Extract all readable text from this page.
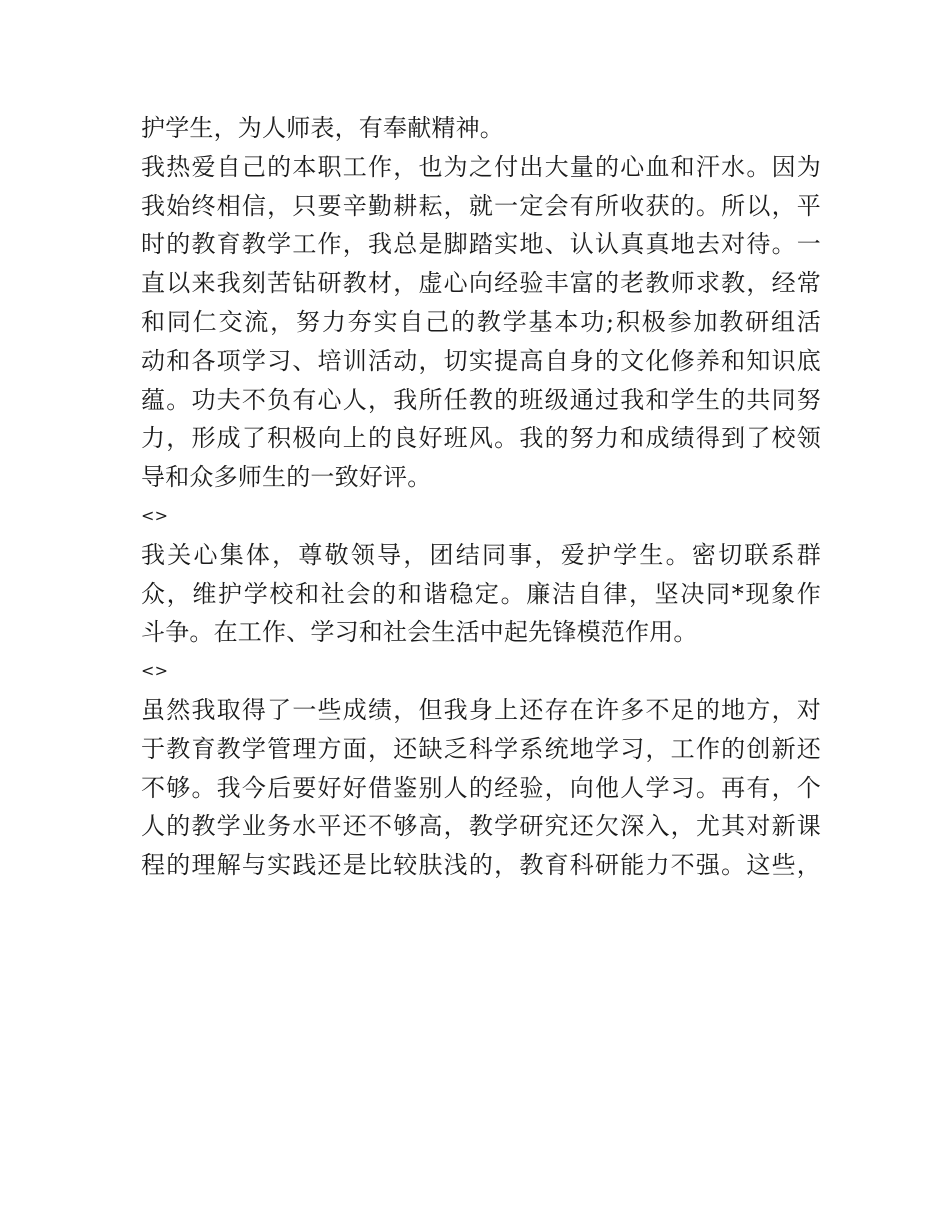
护学生，为人师表，有奉献精神。
我热爱自己的本职工作，也为之付出大量的心血和汗水。因为
我始终相信，只要辛勤耕耘，就一定会有所收获的。所以，平
时的教育教学工作，我总是脚踏实地、认认真真地去对待。一
直以来我刻苦钻研教材，虚心向经验丰富的老教师求教，经常
和同仁交流，努力夯实自己的教学基本功;积极参加教研组活
动和各项学习、培训活动，切实提高自身的文化修养和知识底
蕴。功夫不负有心人，我所任教的班级通过我和学生的共同努
力，形成了积极向上的良好班风。我的努力和成绩得到了校领
导和众多师生的一致好评。
<>
我关心集体，尊敬领导，团结同事，爱护学生。密切联系群
众，维护学校和社会的和谐稳定。廉洁自律，坚决同*现象作
斗争。在工作、学习和社会生活中起先锋模范作用。
<>
虽然我取得了一些成绩，但我身上还存在许多不足的地方，对
于教育教学管理方面，还缺乏科学系统地学习，工作的创新还
不够。我今后要好好借鉴别人的经验，向他人学习。再有，个
人的教学业务水平还不够高，教学研究还欠深入，尤其对新课
程的理解与实践还是比较肤浅的，教育科研能力不强。这些，
